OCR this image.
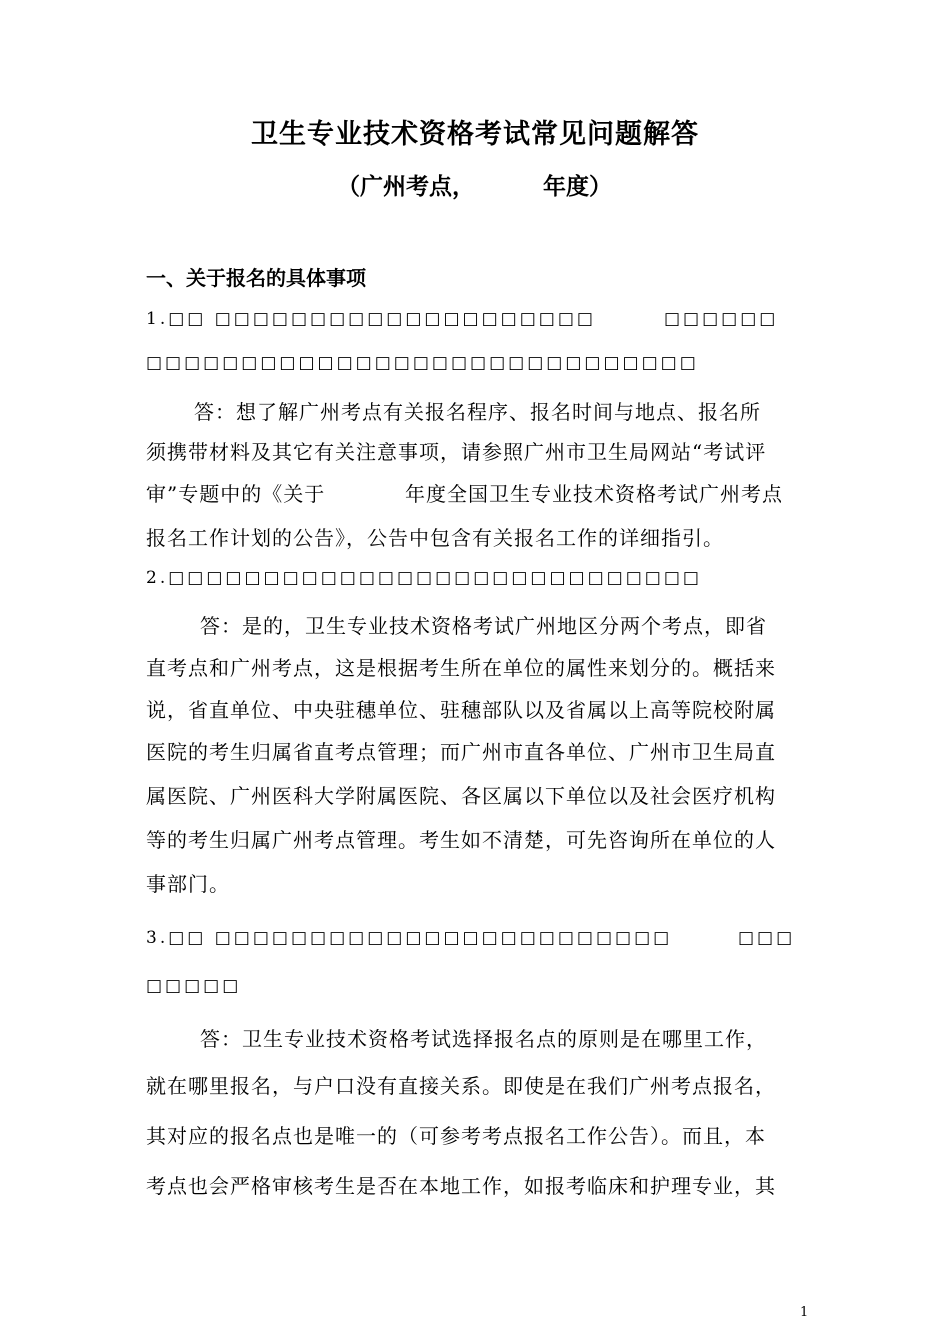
卫生专业技术资格考试常见问题解答
（广州考点，	年度）
一、关于报名的具体事项
1.□□ □□□□□□□□□□□□□□□□□□□□	□□□□□□
□□□□□□□□□□□□□□□□□□□□□□□□□□□□□
答：想了解广州考点有关报名程序、报名时间与地点、报名所
须携带材料及其它有关注意事项，请参照广州市卫生局网站“考试评
审”专题中的《关于	年度全国卫生专业技术资格考试广州考点
报名工作计划的公告》，公告中包含有关报名工作的详细指引。
2.□□□□□□□□□□□□□□□□□□□□□□□□□□□□
答：是的，卫生专业技术资格考试广州地区分两个考点，即省
直考点和广州考点，这是根据考生所在单位的属性来划分的。概括来
说，省直单位、中央驻穗单位、驻穗部队以及省属以上高等院校附属
医院的考生归属省直考点管理；而广州市直各单位、广州市卫生局直
属医院、广州医科大学附属医院、各区属以下单位以及社会医疗机构
等的考生归属广州考点管理。考生如不清楚，可先咨询所在单位的人
事部门。
3.□□ □□□□□□□□□□□□□□□□□□□□□□□□	□□□
□□□□□
答：卫生专业技术资格考试选择报名点的原则是在哪里工作，
就在哪里报名，与户口没有直接关系。即使是在我们广州考点报名，
其对应的报名点也是唯一的（可参考考点报名工作公告）。而且，本
考点也会严格审核考生是否在本地工作，如报考临床和护理专业，其
1
